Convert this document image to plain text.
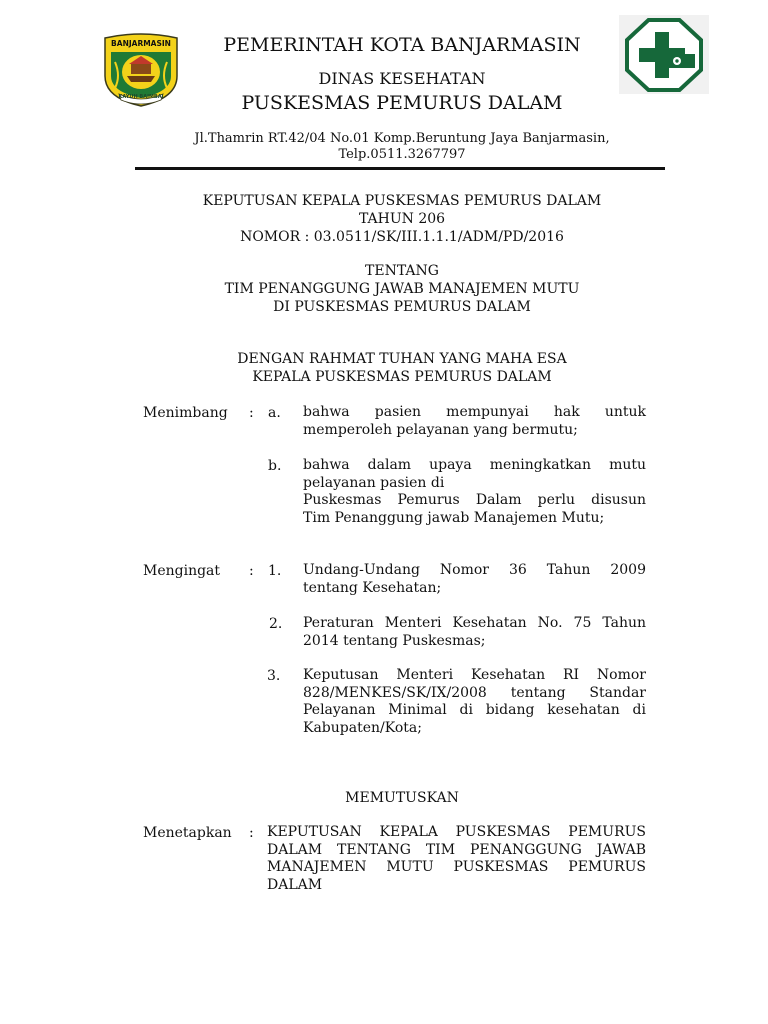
BANJARMASIN
KAYUH BAIMBAI
PEMERINTAH KOTA BANJARMASIN
DINAS KESEHATAN
PUSKESMAS PEMURUS DALAM
Jl.Thamrin RT.42/04 No.01 Komp.Beruntung Jaya Banjarmasin,
Telp.0511.3267797
KEPUTUSAN KEPALA PUSKESMAS PEMURUS DALAM
TAHUN 206
NOMOR : 03.0511/SK/III.1.1.1/ADM/PD/2016
TENTANG
TIM PENANGGUNG JAWAB MANAJEMEN MUTU
DI PUSKESMAS PEMURUS DALAM
DENGAN RAHMAT TUHAN YANG MAHA ESA
KEPALA PUSKESMAS PEMURUS DALAM
Menimbang : a. bahwa pasien mempunyai hak untuk
memperoleh pelayanan yang bermutu;
b. bahwa dalam upaya meningkatkan mutu
pelayanan pasien di
Puskesmas Pemurus Dalam perlu disusun
Tim Penanggung jawab Manajemen Mutu;
Mengingat : 1. Undang-Undang Nomor 36 Tahun 2009
tentang Kesehatan;
2. Peraturan Menteri Kesehatan No. 75 Tahun
2014 tentang Puskesmas;
3. Keputusan Menteri Kesehatan RI Nomor
828/MENKES/SK/IX/2008 tentang Standar
Pelayanan Minimal di bidang kesehatan di
Kabupaten/Kota;
MEMUTUSKAN
Menetapkan : KEPUTUSAN KEPALA PUSKESMAS PEMURUS
DALAM TENTANG TIM PENANGGUNG JAWAB
MANAJEMEN MUTU PUSKESMAS PEMURUS
DALAM
